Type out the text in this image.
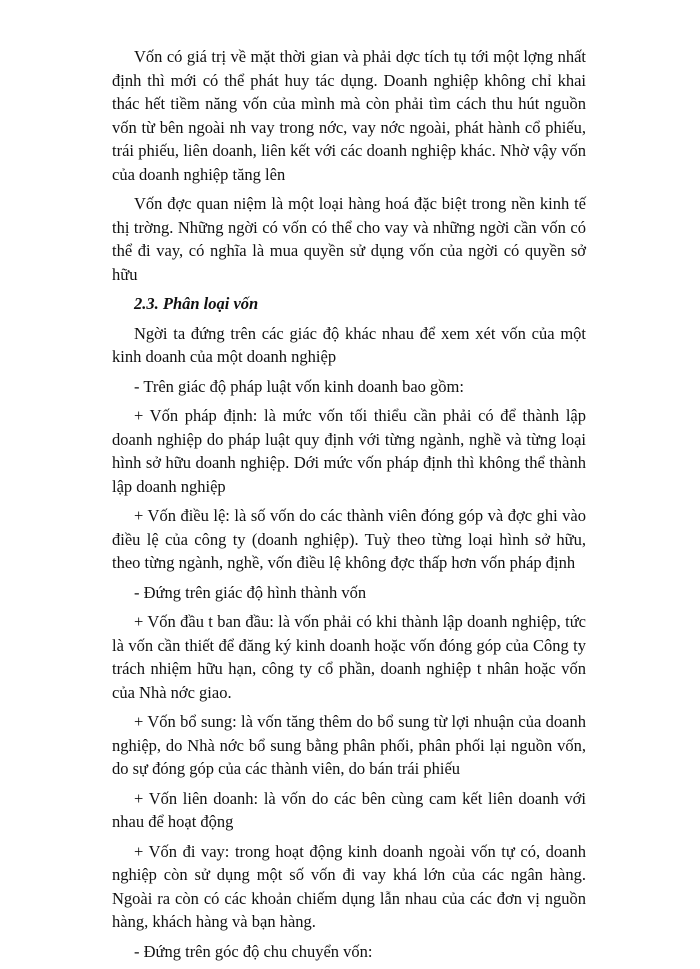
Vốn có giá trị về mặt thời gian và phải dợc tích tụ tới một lợng nhất định thì mới có thể phát huy tác dụng. Doanh nghiệp không chỉ khai thác hết tiềm năng vốn của mình mà còn phải tìm cách thu hút nguồn vốn từ bên ngoài nh vay trong nớc, vay nớc ngoài, phát hành cổ phiếu, trái phiếu, liên doanh, liên kết với các doanh nghiệp khác. Nhờ vậy vốn của doanh nghiệp tăng lên

Vốn đợc quan niệm là một loại hàng hoá đặc biệt trong nền kinh tế thị trờng. Những ngời có vốn có thể cho vay và những ngời cần vốn có thể đi vay, có nghĩa là mua quyền sử dụng vốn của ngời có quyền sở hữu

2.3. Phân loại vốn

Ngời ta đứng trên các giác độ khác nhau để xem xét vốn của một kinh doanh của một doanh nghiệp

- Trên giác độ pháp luật vốn kinh doanh bao gồm:

+ Vốn pháp định: là mức vốn tối thiểu cần phải có để thành lập doanh nghiệp do pháp luật quy định với từng ngành, nghề và từng loại hình sở hữu doanh nghiệp. Dới mức vốn pháp định thì không thể thành lập doanh nghiệp

+ Vốn điều lệ: là số vốn do các thành viên đóng góp và đợc ghi vào điều lệ của công ty (doanh nghiệp). Tuỳ theo từng loại hình sở hữu, theo từng ngành, nghề, vốn điều lệ không đợc thấp hơn vốn pháp định

- Đứng trên giác độ hình thành vốn

+ Vốn đầu t ban đầu: là vốn phải có khi thành lập doanh nghiệp, tức là vốn cần thiết để đăng ký kinh doanh hoặc vốn đóng góp của Công ty trách nhiệm hữu hạn, công ty cổ phần, doanh nghiệp t nhân hoặc vốn của Nhà nớc giao.

+ Vốn bổ sung: là vốn tăng thêm do bổ sung từ lợi nhuận của doanh nghiệp, do Nhà nớc bổ sung bằng phân phối, phân phối lại nguồn vốn, do sự đóng góp của các thành viên, do bán trái phiếu

+ Vốn liên doanh: là vốn do các bên cùng cam kết liên doanh với nhau để hoạt động

+ Vốn đi vay: trong hoạt động kinh doanh ngoài vốn tự có, doanh nghiệp còn sử dụng một số vốn đi vay khá lớn của các ngân hàng. Ngoài ra còn có các khoản chiếm dụng lẫn nhau của các đơn vị nguồn hàng, khách hàng và bạn hàng.

- Đứng trên góc độ chu chuyển vốn:
